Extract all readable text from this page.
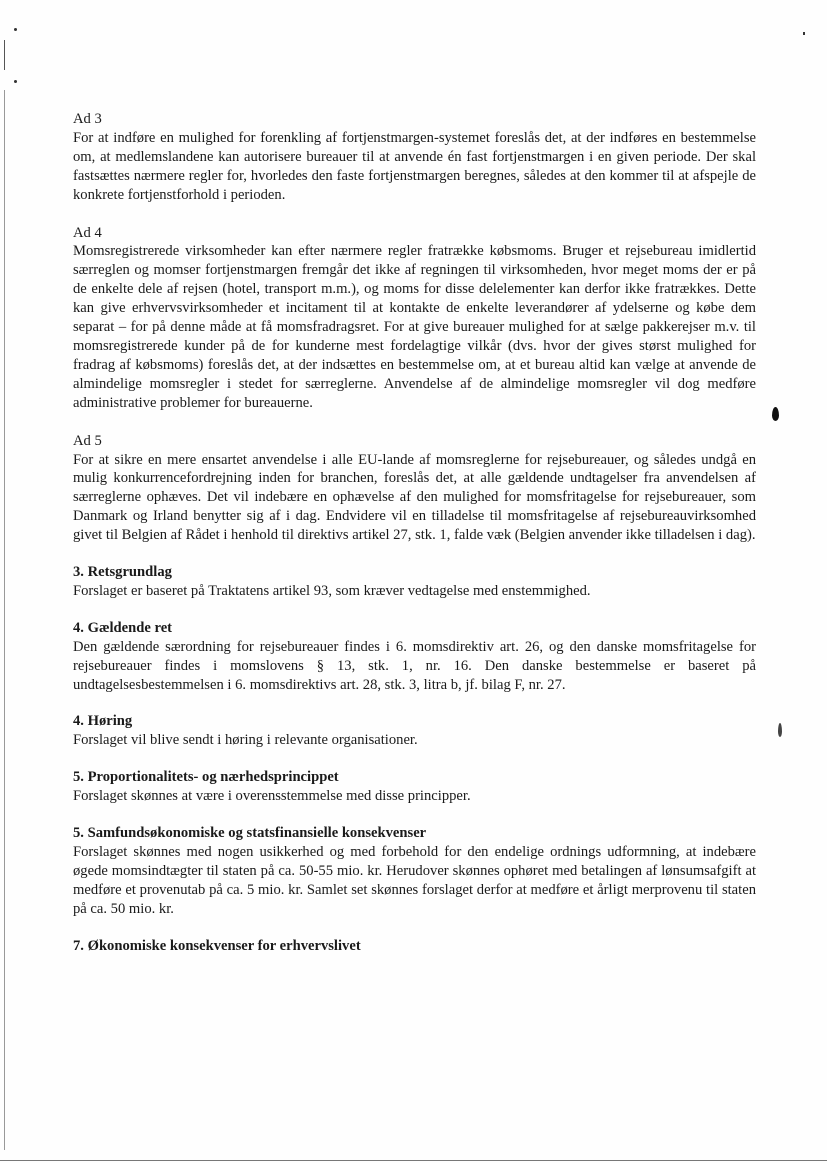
Ad 3

For at indføre en mulighed for forenkling af fortjenstmargen-systemet foreslås det, at der indføres en bestemmelse om, at medlemslandene kan autorisere bureauer til at anvende én fast fortjenstmargen i en given periode. Der skal fastsættes nærmere regler for, hvorledes den faste fortjenstmargen beregnes, således at den kommer til at afspejle de konkrete fortjenstforhold i perioden.

Ad 4

Momsregistrerede virksomheder kan efter nærmere regler fratrække købsmoms. Bruger et rejsebureau imidlertid særreglen og momser fortjenstmargen fremgår det ikke af regningen til virksomheden, hvor meget moms der er på de enkelte dele af rejsen (hotel, transport m.m.), og moms for disse delelementer kan derfor ikke fratrækkes. Dette kan give erhvervsvirksomheder et incitament til at kontakte de enkelte leverandører af ydelserne og købe dem separat – for på denne måde at få momsfradragsret. For at give bureauer mulighed for at sælge pakkerejser m.v. til momsregistrerede kunder på de for kunderne mest fordelagtige vilkår (dvs. hvor der gives størst mulighed for fradrag af købsmoms) foreslås det, at der indsættes en bestemmelse om, at et bureau altid kan vælge at anvende de almindelige momsregler i stedet for særreglerne. Anvendelse af de almindelige momsregler vil dog medføre administrative problemer for bureauerne.

Ad 5

For at sikre en mere ensartet anvendelse i alle EU-lande af momsreglerne for rejsebureauer, og således undgå en mulig konkurrencefordrejning inden for branchen, foreslås det, at alle gældende undtagelser fra anvendelsen af særreglerne ophæves. Det vil indebære en ophævelse af den mulighed for momsfritagelse for rejsebureauer, som Danmark og Irland benytter sig af i dag. Endvidere vil en tilladelse til momsfritagelse af rejsebureauvirksomhed givet til Belgien af Rådet i henhold til direktivs artikel 27, stk. 1, falde væk (Belgien anvender ikke tilladelsen i dag).

3. Retsgrundlag

Forslaget er baseret på Traktatens artikel 93, som kræver vedtagelse med enstemmighed.

4. Gældende ret

Den gældende særordning for rejsebureauer findes i 6. momsdirektiv art. 26, og den danske momsfritagelse for rejsebureauer findes i momslovens § 13, stk. 1, nr. 16. Den danske bestemmelse er baseret på undtagelsesbestemmelsen i 6. momsdirektivs art. 28, stk. 3, litra b, jf. bilag F, nr. 27.

4. Høring

Forslaget vil blive sendt i høring i relevante organisationer.

5. Proportionalitets- og nærhedsprincippet

Forslaget skønnes at være i overensstemmelse med disse principper.

5. Samfundsøkonomiske og statsfinansielle konsekvenser

Forslaget skønnes med nogen usikkerhed og med forbehold for den endelige ordnings udformning, at indebære øgede momsindtægter til staten på ca. 50-55 mio. kr. Herudover skønnes ophøret med betalingen af lønsumsafgift at medføre et provenutab på ca. 5 mio. kr. Samlet set skønnes forslaget derfor at medføre et årligt merprovenu til staten på ca. 50 mio. kr.

7. Økonomiske konsekvenser for erhvervslivet
